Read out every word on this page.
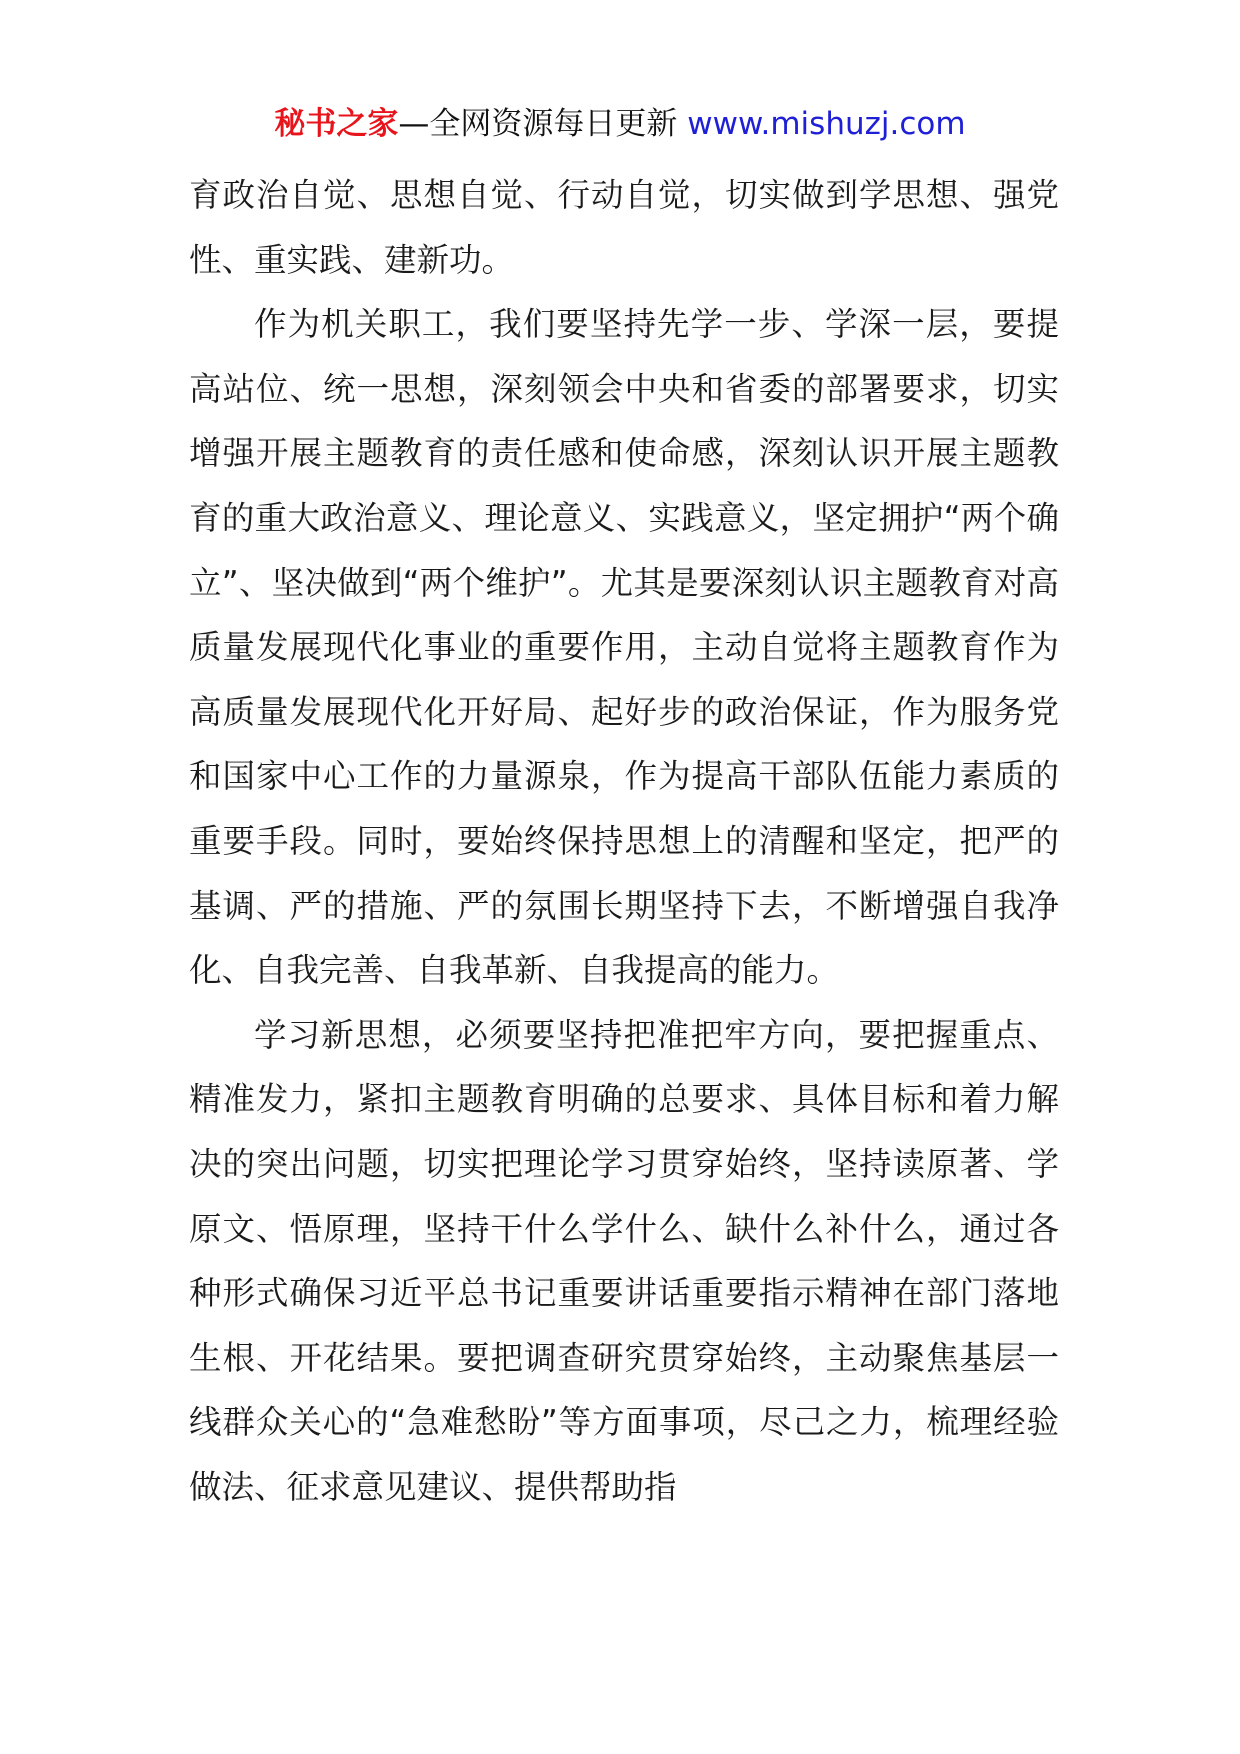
秘书之家—全网资源每日更新 www.mishuzj.com

育政治自觉、思想自觉、行动自觉，切实做到学思想、强党性、重实践、建新功。

作为机关职工，我们要坚持先学一步、学深一层，要提高站位、统一思想，深刻领会中央和省委的部署要求，切实增强开展主题教育的责任感和使命感，深刻认识开展主题教育的重大政治意义、理论意义、实践意义，坚定拥护“两个确立”、坚决做到“两个维护”。尤其是要深刻认识主题教育对高质量发展现代化事业的重要作用，主动自觉将主题教育作为高质量发展现代化开好局、起好步的政治保证，作为服务党和国家中心工作的力量源泉，作为提高干部队伍能力素质的重要手段。同时，要始终保持思想上的清醒和坚定，把严的基调、严的措施、严的氛围长期坚持下去，不断增强自我净化、自我完善、自我革新、自我提高的能力。

学习新思想，必须要坚持把准把牢方向，要把握重点、精准发力，紧扣主题教育明确的总要求、具体目标和着力解决的突出问题，切实把理论学习贯穿始终，坚持读原著、学原文、悟原理，坚持干什么学什么、缺什么补什么，通过各种形式确保习近平总书记重要讲话重要指示精神在部门落地生根、开花结果。要把调查研究贯穿始终，主动聚焦基层一线群众关心的“急难愁盼”等方面事项，尽己之力，梳理经验做法、征求意见建议、提供帮助指
